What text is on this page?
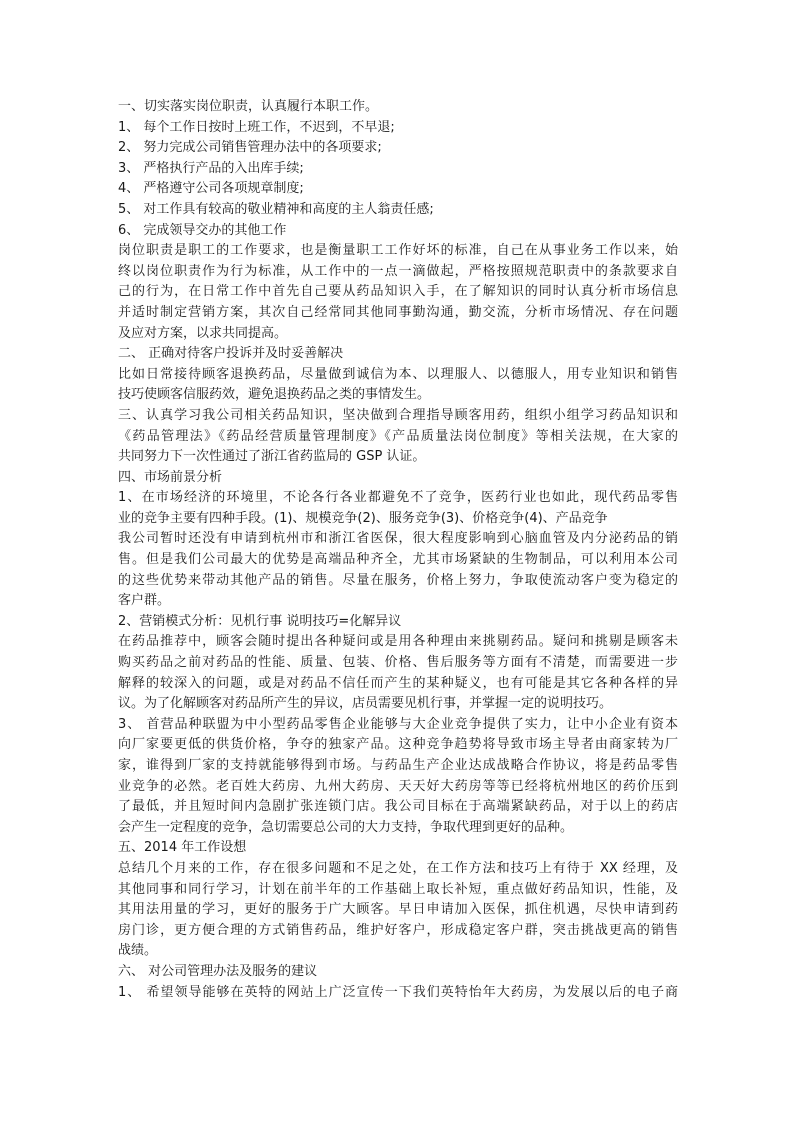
一、切实落实岗位职责，认真履行本职工作。
1、 每个工作日按时上班工作，不迟到，不早退;
2、 努力完成公司销售管理办法中的各项要求;
3、 严格执行产品的入出库手续;
4、 严格遵守公司各项规章制度;
5、 对工作具有较高的敬业精神和高度的主人翁责任感;
6、 完成领导交办的其他工作
岗位职责是职工的工作要求，也是衡量职工工作好坏的标准，自己在从事业务工作以来，始
终以岗位职责作为行为标准，从工作中的一点一滴做起，严格按照规范职责中的条款要求自
己的行为，在日常工作中首先自己要从药品知识入手，在了解知识的同时认真分析市场信息
并适时制定营销方案，其次自己经常同其他同事勤沟通，勤交流，分析市场情况、存在问题
及应对方案，以求共同提高。
二、 正确对待客户投诉并及时妥善解决
比如日常接待顾客退换药品，尽量做到诚信为本、以理服人、以德服人，用专业知识和销售
技巧使顾客信服药效，避免退换药品之类的事情发生。
三、认真学习我公司相关药品知识，坚决做到合理指导顾客用药，组织小组学习药品知识和
《药品管理法》《药品经营质量管理制度》《产品质量法岗位制度》等相关法规，在大家的
共同努力下一次性通过了浙江省药监局的 GSP 认证。
四、市场前景分析
1、在市场经济的环境里，不论各行各业都避免不了竞争，医药行业也如此，现代药品零售
业的竞争主要有四种手段。(1)、规模竞争(2)、服务竞争(3)、价格竞争(4)、产品竞争
我公司暂时还没有申请到杭州市和浙江省医保，很大程度影响到心脑血管及内分泌药品的销
售。但是我们公司最大的优势是高端品种齐全，尤其市场紧缺的生物制品，可以利用本公司
的这些优势来带动其他产品的销售。尽量在服务，价格上努力，争取使流动客户变为稳定的
客户群。
2、营销模式分析：见机行事 说明技巧=化解异议
在药品推荐中，顾客会随时提出各种疑问或是用各种理由来挑剔药品。疑问和挑剔是顾客未
购买药品之前对药品的性能、质量、包装、价格、售后服务等方面有不清楚，而需要进一步
解释的较深入的问题，或是对药品不信任而产生的某种疑义，也有可能是其它各种各样的异
议。为了化解顾客对药品所产生的异议，店员需要见机行事，并掌握一定的说明技巧。
3、 首营品种联盟为中小型药品零售企业能够与大企业竞争提供了实力，让中小企业有资本
向厂家要更低的供货价格，争夺的独家产品。这种竞争趋势将导致市场主导者由商家转为厂
家，谁得到厂家的支持就能够得到市场。与药品生产企业达成战略合作协议，将是药品零售
业竞争的必然。老百姓大药房、九州大药房、天天好大药房等等已经将杭州地区的药价压到
了最低，并且短时间内急剧扩张连锁门店。我公司目标在于高端紧缺药品，对于以上的药店
会产生一定程度的竞争，急切需要总公司的大力支持，争取代理到更好的品种。
五、2014 年工作设想
总结几个月来的工作，存在很多问题和不足之处，在工作方法和技巧上有待于 XX 经理，及
其他同事和同行学习，计划在前半年的工作基础上取长补短，重点做好药品知识，性能，及
其用法用量的学习，更好的服务于广大顾客。早日申请加入医保，抓住机遇，尽快申请到药
房门诊，更方便合理的方式销售药品，维护好客户，形成稳定客户群，突击挑战更高的销售
战绩。
六、 对公司管理办法及服务的建议
1、 希望领导能够在英特的网站上广泛宣传一下我们英特怡年大药房，为发展以后的电子商
